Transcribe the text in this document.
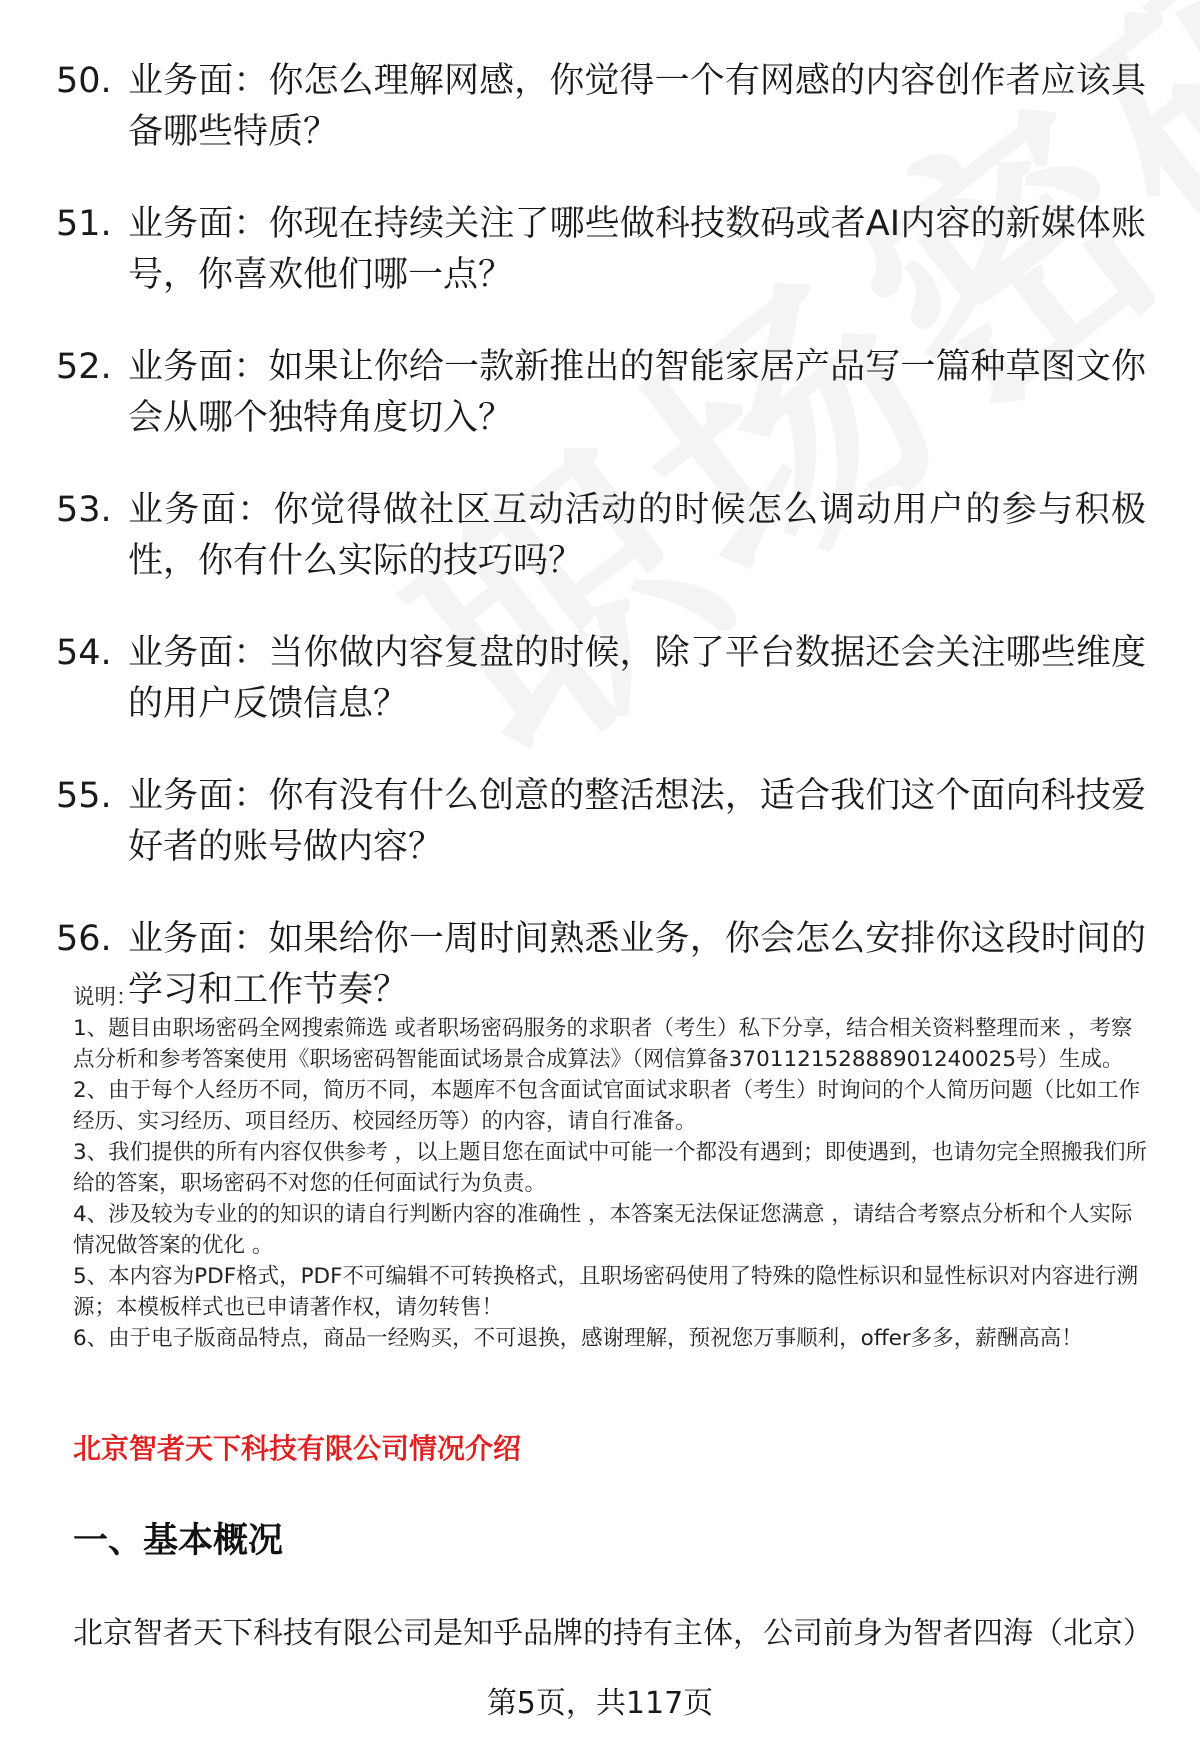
50. 业务面：你怎么理解网感，你觉得一个有网感的内容创作者应该具备哪些特质？
51. 业务面：你现在持续关注了哪些做科技数码或者AI内容的新媒体账号，你喜欢他们哪一点？
52. 业务面：如果让你给一款新推出的智能家居产品写一篇种草图文你会从哪个独特角度切入？
53. 业务面：你觉得做社区互动活动的时候怎么调动用户的参与积极性，你有什么实际的技巧吗？
54. 业务面：当你做内容复盘的时候，除了平台数据还会关注哪些维度的用户反馈信息？
55. 业务面：你有没有什么创意的整活想法，适合我们这个面向科技爱好者的账号做内容？
56. 业务面：如果给你一周时间熟悉业务，你会怎么安排你这段时间的学习和工作节奏？

说明：

1、题目由职场密码全网搜索筛选 或者职场密码服务的求职者（考生）私下分享，结合相关资料整理而来 ，考察点分析和参考答案使用《职场密码智能面试场景合成算法》（网信算备370112152888901240025号）生成。

2、由于每个人经历不同，简历不同，本题库不包含面试官面试求职者（考生）时询问的个人简历问题（比如工作经历、实习经历、项目经历、校园经历等）的内容，请自行准备。

3、我们提供的所有内容仅供参考 ，以上题目您在面试中可能一个都没有遇到；即使遇到，也请勿完全照搬我们所给的答案，职场密码不对您的任何面试行为负责。

4、涉及较为专业的的知识的请自行判断内容的准确性 ，本答案无法保证您满意 ，请结合考察点分析和个人实际情况做答案的优化 。

5、本内容为PDF格式，PDF不可编辑不可转换格式，且职场密码使用了特殊的隐性标识和显性标识对内容进行溯源；本模板样式也已申请著作权，请勿转售！

6、由于电子版商品特点，商品一经购买，不可退换，感谢理解，预祝您万事顺利，offer多多，薪酬高高！

北京智者天下科技有限公司情况介绍
一、基本概况
北京智者天下科技有限公司是知乎品牌的持有主体，公司前身为智者四海（北京）
第5页，共117页
